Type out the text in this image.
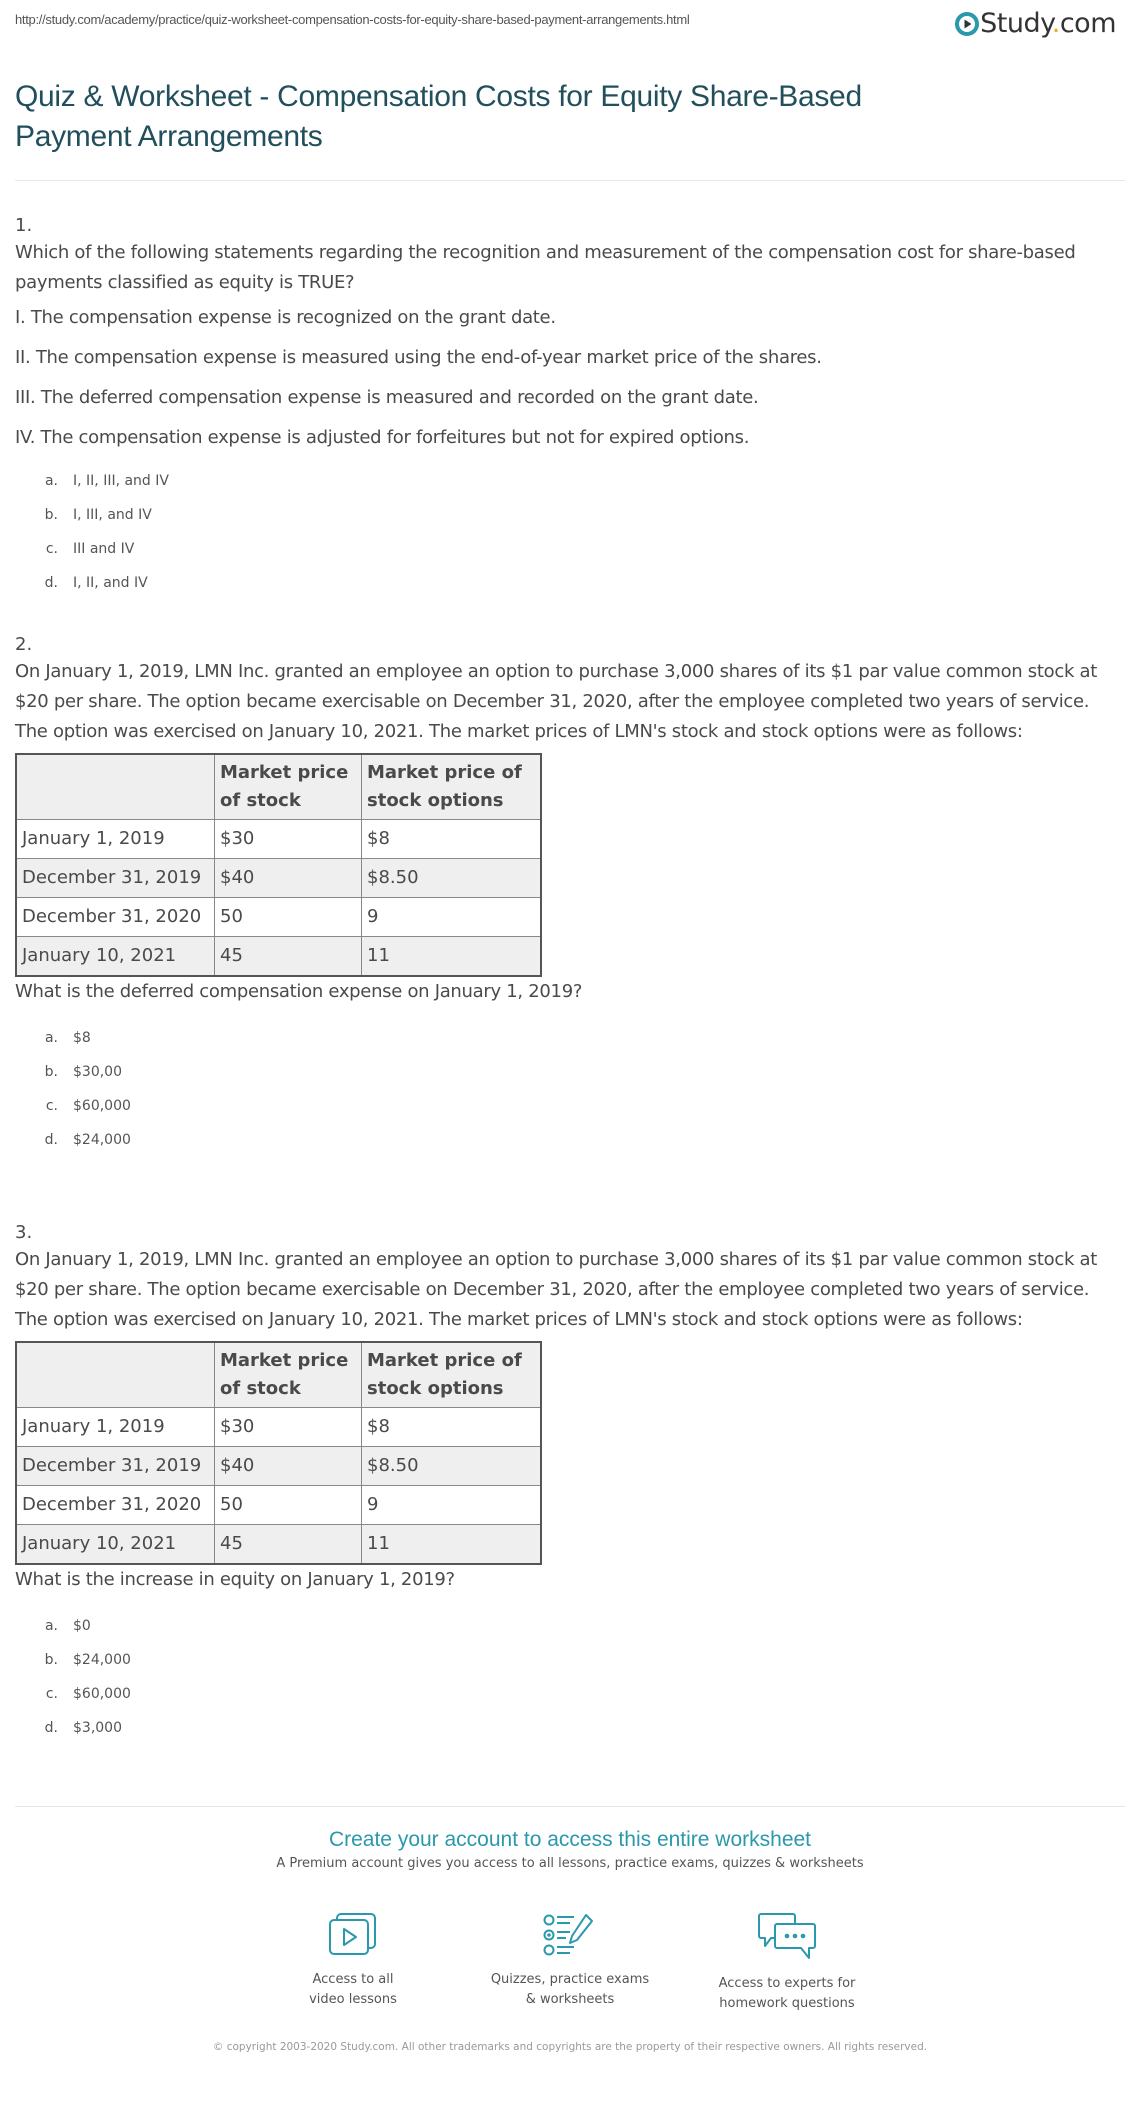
http://study.com/academy/practice/quiz-worksheet-compensation-costs-for-equity-share-based-payment-arrangements.html	Study.com
Quiz & Worksheet - Compensation Costs for Equity Share-Based Payment Arrangements
1.
Which of the following statements regarding the recognition and measurement of the compensation cost for share-based payments classified as equity is TRUE?
I. The compensation expense is recognized on the grant date.
II. The compensation expense is measured using the end-of-year market price of the shares.
III. The deferred compensation expense is measured and recorded on the grant date.
IV. The compensation expense is adjusted for forfeitures but not for expired options.
a.	I, II, III, and IV
b.	I, III, and IV
c.	III and IV
d.	I, II, and IV
2.
On January 1, 2019, LMN Inc. granted an employee an option to purchase 3,000 shares of its $1 par value common stock at $20 per share. The option became exercisable on December 31, 2020, after the employee completed two years of service. The option was exercised on January 10, 2021. The market prices of LMN's stock and stock options were as follows:
	Market price of stock	Market price of stock options
January 1, 2019	$30	$8
December 31, 2019	$40	$8.50
December 31, 2020	50	9
January 10, 2021	45	11
What is the deferred compensation expense on January 1, 2019?
a.	$8
b.	$30,00
c.	$60,000
d.	$24,000
3.
On January 1, 2019, LMN Inc. granted an employee an option to purchase 3,000 shares of its $1 par value common stock at $20 per share. The option became exercisable on December 31, 2020, after the employee completed two years of service. The option was exercised on January 10, 2021. The market prices of LMN's stock and stock options were as follows:
	Market price of stock	Market price of stock options
January 1, 2019	$30	$8
December 31, 2019	$40	$8.50
December 31, 2020	50	9
January 10, 2021	45	11
What is the increase in equity on January 1, 2019?
a.	$0
b.	$24,000
c.	$60,000
d.	$3,000
Create your account to access this entire worksheet
A Premium account gives you access to all lessons, practice exams, quizzes & worksheets
Access to all
video lessons
Quizzes, practice exams
& worksheets
Access to experts for
homework questions
© copyright 2003-2020 Study.com. All other trademarks and copyrights are the property of their respective owners. All rights reserved.
